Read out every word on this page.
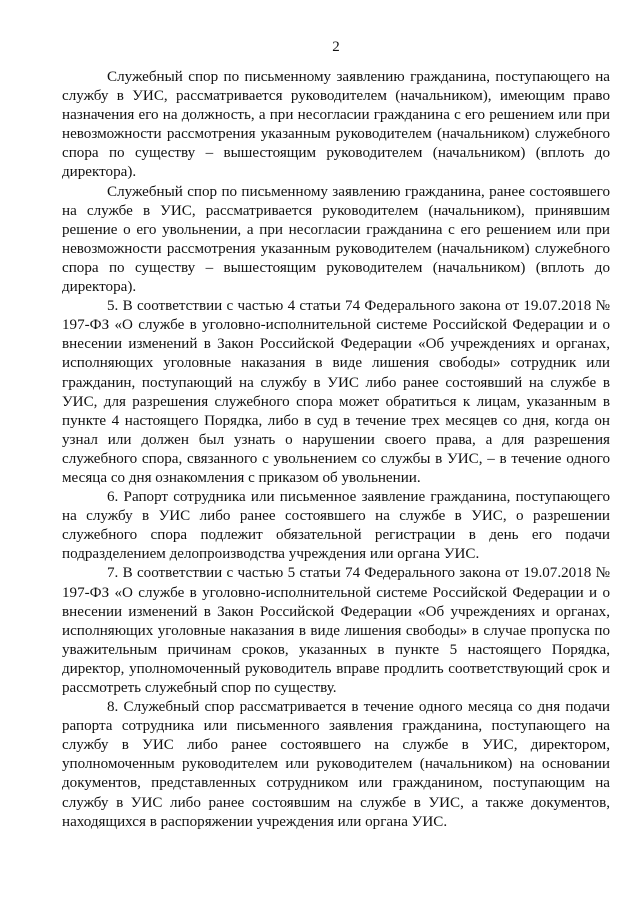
2

Служебный спор по письменному заявлению гражданина, поступающего на службу в УИС, рассматривается руководителем (начальником), имеющим право назначения его на должность, а при несогласии гражданина с его решением или при невозможности рассмотрения указанным руководителем (начальником) служебного спора по существу – вышестоящим руководителем (начальником) (вплоть до директора).

Служебный спор по письменному заявлению гражданина, ранее состоявшего на службе в УИС, рассматривается руководителем (начальником), принявшим решение о его увольнении, а при несогласии гражданина с его решением или при невозможности рассмотрения указанным руководителем (начальником) служебного спора по существу – вышестоящим руководителем (начальником) (вплоть до директора).

5. В соответствии с частью 4 статьи 74 Федерального закона от 19.07.2018 № 197-ФЗ «О службе в уголовно-исполнительной системе Российской Федерации и о внесении изменений в Закон Российской Федерации «Об учреждениях и органах, исполняющих уголовные наказания в виде лишения свободы» сотрудник или гражданин, поступающий на службу в УИС либо ранее состоявший на службе в УИС, для разрешения служебного спора может обратиться к лицам, указанным в пункте 4 настоящего Порядка, либо в суд в течение трех месяцев со дня, когда он узнал или должен был узнать о нарушении своего права, а для разрешения служебного спора, связанного с увольнением со службы в УИС, – в течение одного месяца со дня ознакомления с приказом об увольнении.

6. Рапорт сотрудника или письменное заявление гражданина, поступающего на службу в УИС либо ранее состоявшего на службе в УИС, о разрешении служебного спора подлежит обязательной регистрации в день его подачи подразделением делопроизводства учреждения или органа УИС.

7. В соответствии с частью 5 статьи 74 Федерального закона от 19.07.2018 № 197-ФЗ «О службе в уголовно-исполнительной системе Российской Федерации и о внесении изменений в Закон Российской Федерации «Об учреждениях и органах, исполняющих уголовные наказания в виде лишения свободы» в случае пропуска по уважительным причинам сроков, указанных в пункте 5 настоящего Порядка, директор, уполномоченный руководитель вправе продлить соответствующий срок и рассмотреть служебный спор по существу.

8. Служебный спор рассматривается в течение одного месяца со дня подачи рапорта сотрудника или письменного заявления гражданина, поступающего на службу в УИС либо ранее состоявшего на службе в УИС, директором, уполномоченным руководителем или руководителем (начальником) на основании документов, представленных сотрудником или гражданином, поступающим на службу в УИС либо ранее состоявшим на службе в УИС, а также документов, находящихся в распоряжении учреждения или органа УИС.
